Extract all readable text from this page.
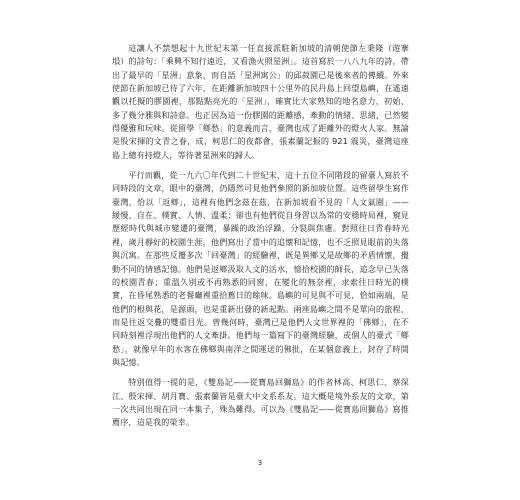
這讓人不禁想起十九世紀末第一任直接派駐新加坡的清朝使節左秉隆（遊搴塤）的詩句：「乘興不知行遠近，又看漁火照星洲」。這首寫於一八八九年的詩，帶出了最早的「星洲」意象，而自語「星洲寓公」的邱菽園已是後來者的傳續。外來使節在新加坡已待了六年，在距離新加坡四十公里外的民丹島上回望島嶼，在遙遠觀以托擬的膠園裡，那點點亮光的「星洲」，確實比大家熟知的地名意力，初始，多了幾分雅與和詩意。也正因為這一份膠園的距離感，牽動的情緒、思緒，已然變得優雅和玩味。從留學「鄉愁」的意義而言，臺灣也成了距離外的燈火人家。無論是股宋揮的文青之眷，成，柯思仁的夜都會，張素蘭記振的 921 震災，臺灣這座島上總有持燈人，等待著星洲來的歸人。

平行而觀，從一九六〇年代到二十世紀末，這十五位不同階段的留臺人寫於不同時段的文章，眼中的臺灣，仍隱然可見他們參照的新加坡位置。這些留學生寫作臺灣，恰以「返鄉」，這裡有他們念茲在茲，在新加坡看不見的「人文氣圍」——緩慢、自在、樸實、人情、溫柔；卻也有他們從自身習以為常的安穩時局裡，窺見歷經時代與城市變遷的臺灣，暴躁的政治浮躁、分裂與焦慮。對照往日青春時光裡，歲月靜好的校園生涯，他們寫出了當中的追懷和記憶，也不乏照見眼前的失落與沉寓。在那些反覆多次「回臺灣」的經驗裡，既是異鄉又是故鄉的矛盾情懷，攪動不同的情感記憶。他們是返鄉汲取人文的活水，憶拾校園的師長，追念早已失落的校園青春；重溫久別或不再熟悉的同窗，在變化的無奈裡，求索往日時光的樸實，在昏尾熟悉的老餐廳裡重拾舊日的餘味。島嶼的可見與不可見，恰如兩端，是他們的根與花，是源頭，也是重新出發的新起點。兩座島嶼之間不是單向的旅程，而是往返交疊的雙重目光。曾幾何時，臺灣已是他們人文世界裡的「佛鄉」，在不同時刻裡浮現出他們的人文牽掛。他們每一篇寫下的臺灣經驗，或個人的臺式「鄉愁」，就像早年的水客在佛鄉與南洋之間運送的佛批，在某個意義上，封存了時間與記憶。

特別值得一提的是，《雙島記——從寶島回獅島》的作者林高、柯思仁、蔡深江、殷宋揮、胡月寶、張素蘭皆是臺大中文系系友。這大概是境外系友的文章，第一次共同出現在同一本集子，殊為難得。可以為《雙島記——從寶島回獅島》寫推薦序，這是我的榮幸。

3
